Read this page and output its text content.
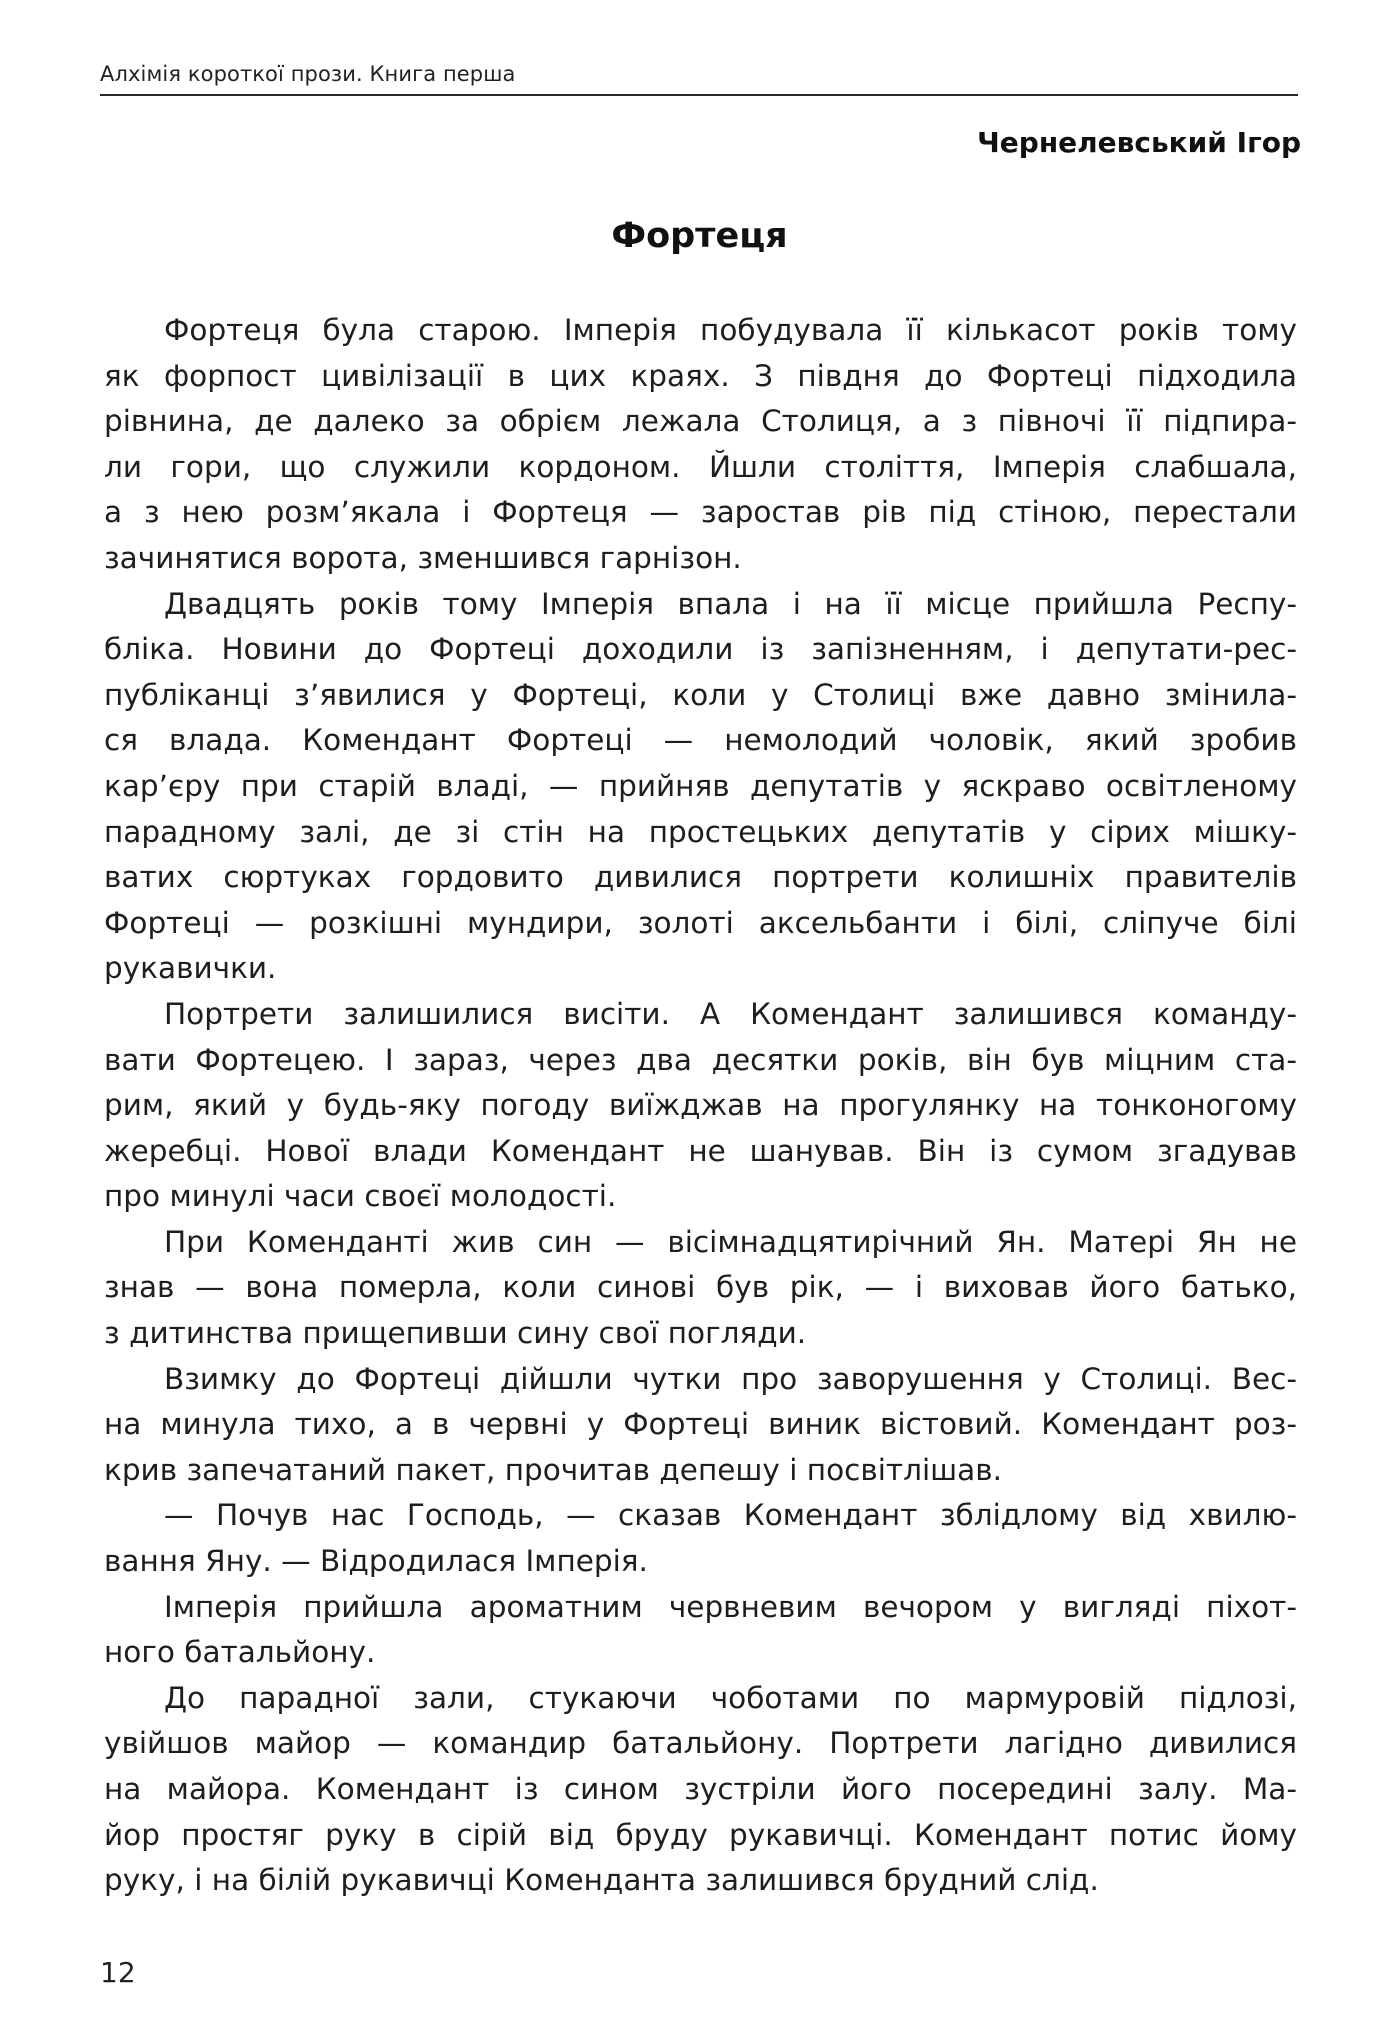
Алхімія короткої прози. Книга перша
Чернелевський Ігор
Фортеця
Фортеця була старою. Імперія побудувала її кількасот років тому
як форпост цивілізації в цих краях. З півдня до Фортеці підходила
рівнина, де далеко за обрієм лежала Столиця, а з півночі її підпира-
ли гори, що служили кордоном. Йшли століття, Імперія слабшала,
а з нею розм’якала і Фортеця — заростав рів під стіною, перестали
зачинятися ворота, зменшився гарнізон.
Двадцять років тому Імперія впала і на її місце прийшла Респу-
бліка. Новини до Фортеці доходили із запізненням, і депутати-рес-
публіканці з’явилися у Фортеці, коли у Столиці вже давно змінила-
ся влада. Комендант Фортеці — немолодий чоловік, який зробив
кар’єру при старій владі, — прийняв депутатів у яскраво освітленому
парадному залі, де зі стін на простецьких депутатів у сірих мішку-
ватих сюртуках гордовито дивилися портрети колишніх правителів
Фортеці — розкішні мундири, золоті аксельбанти і білі, сліпуче білі
рукавички.
Портрети залишилися висіти. А Комендант залишився команду-
вати Фортецею. І зараз, через два десятки років, він був міцним ста-
рим, який у будь-яку погоду виїжджав на прогулянку на тонконогому
жеребці. Нової влади Комендант не шанував. Він із сумом згадував
про минулі часи своєї молодості.
При Коменданті жив син — вісімнадцятирічний Ян. Матері Ян не
знав — вона померла, коли синові був рік, — і виховав його батько,
з дитинства прищепивши сину свої погляди.
Взимку до Фортеці дійшли чутки про заворушення у Столиці. Вес-
на минула тихо, а в червні у Фортеці виник вістовий. Комендант роз-
крив запечатаний пакет, прочитав депешу і посвітлішав.
— Почув нас Господь, — сказав Комендант зблідлому від хвилю-
вання Яну. — Відродилася Імперія.
Імперія прийшла ароматним червневим вечором у вигляді піхот-
ного батальйону.
До парадної зали, стукаючи чоботами по мармуровій підлозі,
увійшов майор — командир батальйону. Портрети лагідно дивилися
на майора. Комендант із сином зустріли його посередині залу. Ма-
йор простяг руку в сірій від бруду рукавичці. Комендант потис йому
руку, і на білій рукавичці Коменданта залишився брудний слід.
12
